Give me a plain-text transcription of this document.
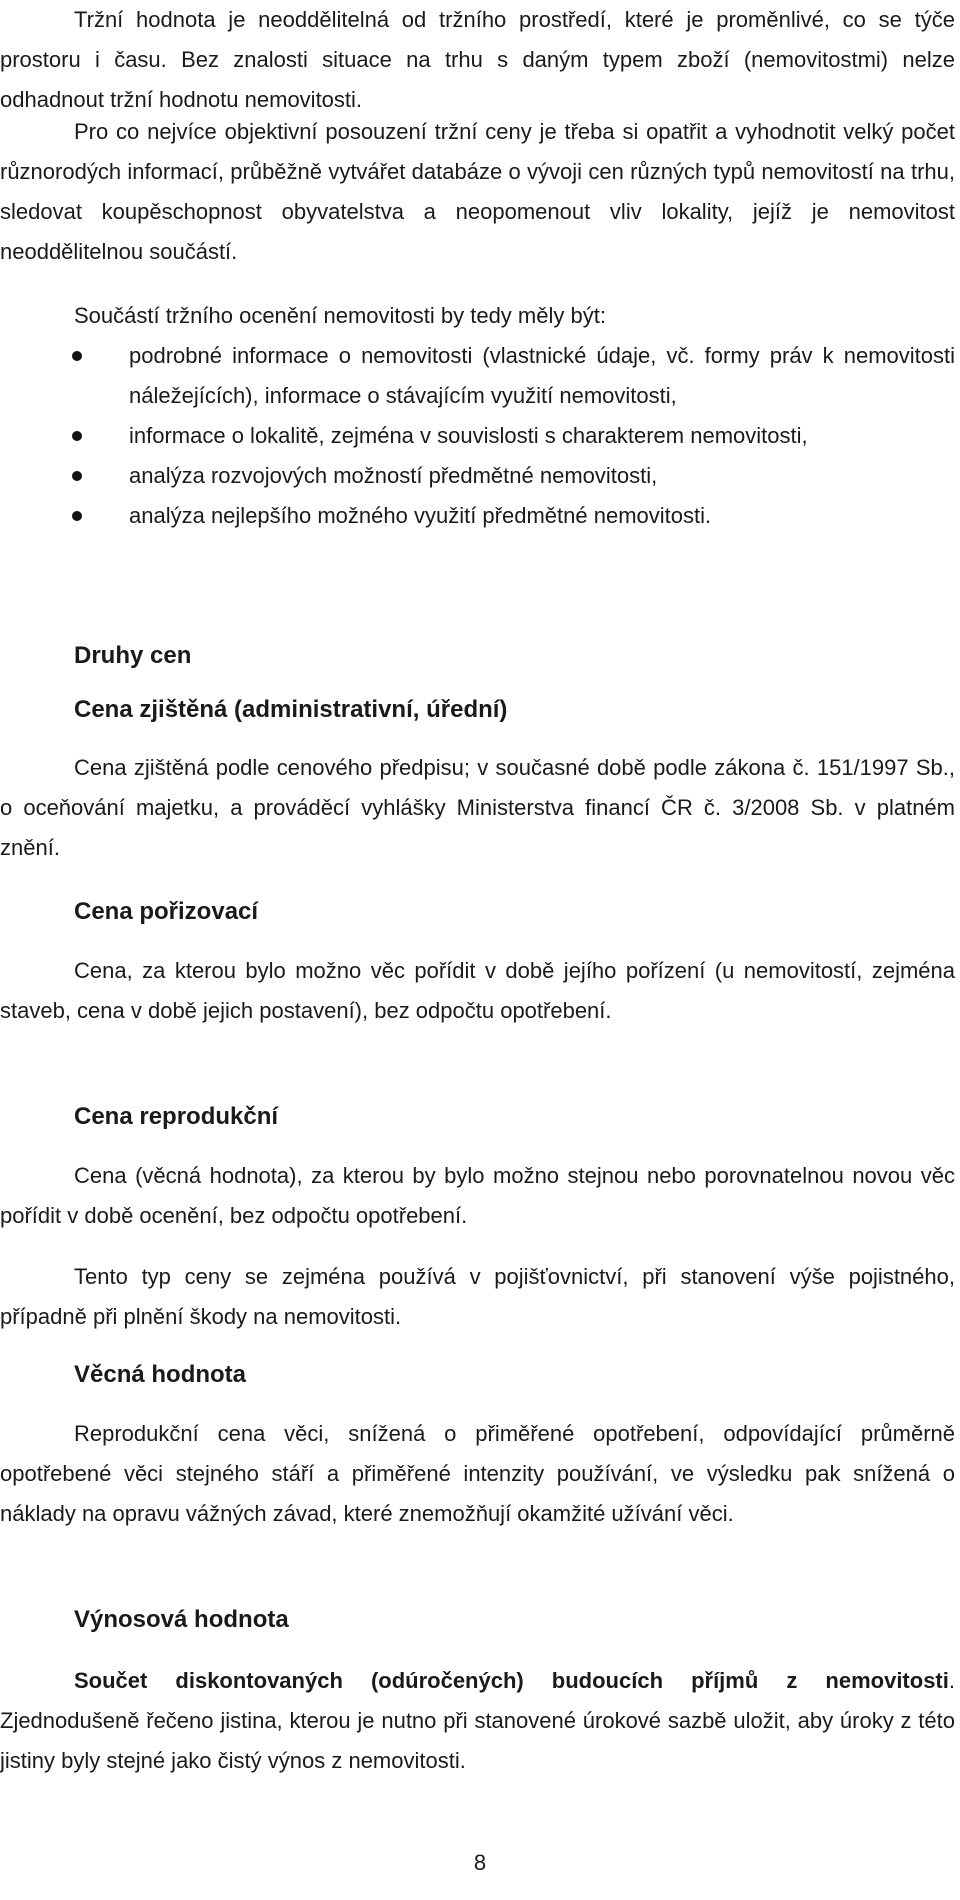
Tržní hodnota je neoddělitelná od tržního prostředí, které je proměnlivé, co se týče prostoru i času. Bez znalosti situace na trhu s daným typem zboží (nemovitostmi) nelze odhadnout tržní hodnotu nemovitosti.

Pro co nejvíce objektivní posouzení tržní ceny je třeba si opatřit a vyhodnotit velký počet různorodých informací, průběžně vytvářet databáze o vývoji cen různých typů nemovitostí na trhu, sledovat koupěschopnost obyvatelstva a neopomenout vliv lokality, jejíž je nemovitost neoddělitelnou součástí.

Součástí tržního ocenění nemovitosti by tedy měly být:

podrobné informace o nemovitosti (vlastnické údaje, vč. formy práv k nemovitosti náležejících), informace o stávajícím využití nemovitosti,
informace o lokalitě, zejména v souvislosti s charakterem nemovitosti,
analýza rozvojových možností předmětné nemovitosti,
analýza nejlepšího možného využití předmětné nemovitosti.
Druhy cen
Cena zjištěná (administrativní, úřední)

Cena zjištěná podle cenového předpisu; v současné době podle zákona č. 151/1997 Sb., o oceňování majetku, a prováděcí vyhlášky Ministerstva financí ČR č. 3/2008 Sb. v platném znění.

Cena pořizovací

Cena, za kterou bylo možno věc pořídit v době jejího pořízení (u nemovitostí, zejména staveb, cena v době jejich postavení), bez odpočtu opotřebení.

Cena reprodukční

Cena (věcná hodnota), za kterou by bylo možno stejnou nebo porovnatelnou novou věc pořídit v době ocenění, bez odpočtu opotřebení.

Tento typ ceny se zejména používá v pojišťovnictví, při stanovení výše pojistného, případně při plnění škody na nemovitosti.

Věcná hodnota

Reprodukční cena věci, snížená o přiměřené opotřebení, odpovídající průměrně opotřebené věci stejného stáří a přiměřené intenzity používání, ve výsledku pak snížená o náklady na opravu vážných závad, které znemožňují okamžité užívání věci.

Výnosová hodnota

Součet diskontovaných (odúročených) budoucích příjmů z nemovitosti. Zjednodušeně řečeno jistina, kterou je nutno při stanovené úrokové sazbě uložit, aby úroky z této jistiny byly stejné jako čistý výnos z nemovitosti.

8
